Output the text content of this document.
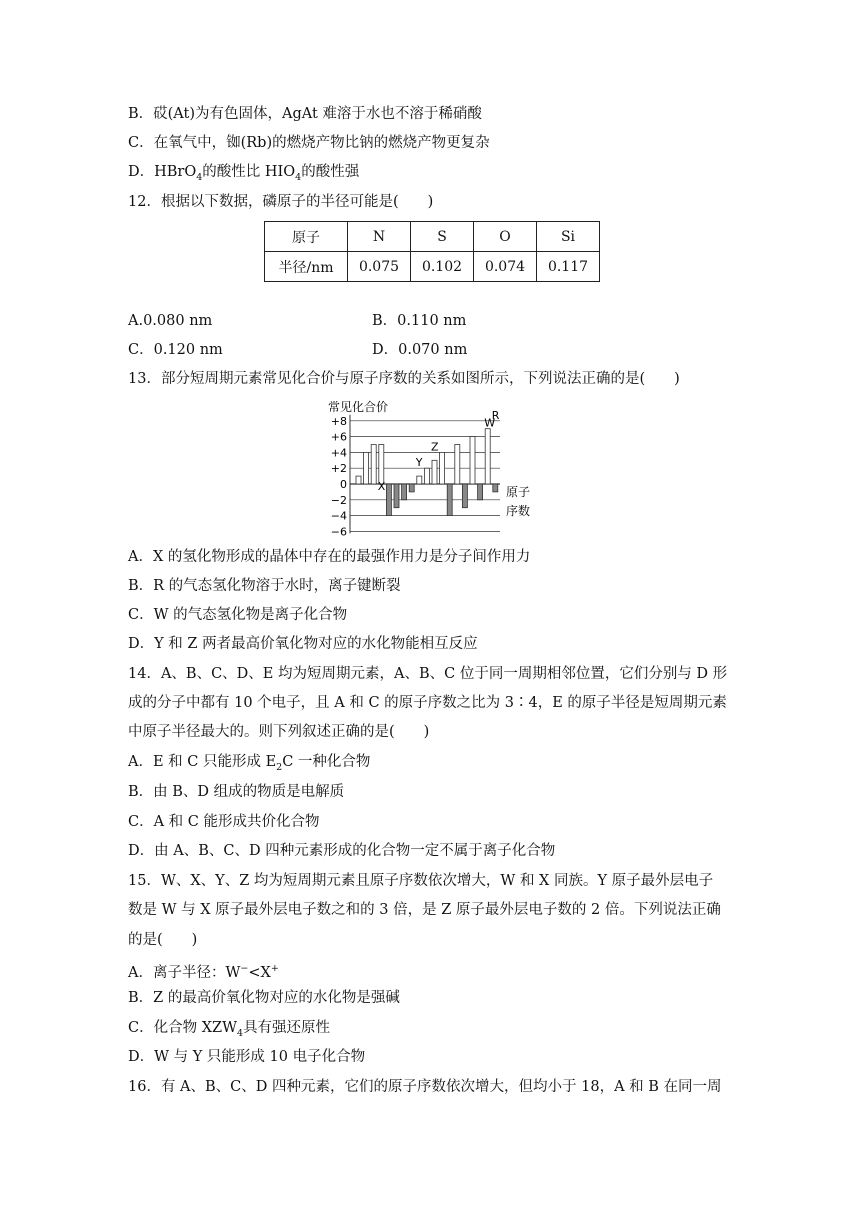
B．砹(At)为有色固体，AgAt 难溶于水也不溶于稀硝酸
C．在氧气中，铷(Rb)的燃烧产物比钠的燃烧产物更复杂
D．HBrO$_4$的酸性比 $HIO_4$的酸性强
12．根据以下数据，磷原子的半径可能是(　　)
原子	N	S	O	Si
半径/nm	0.075	0.102	0.074	0.117
A.0.080 nm	B．0.110 nm
C．0.120 nm	D．0.070 nm
13．部分短周期元素常见化合价与原子序数的关系如图所示，下列说法正确的是(　　)
常见化合价
+8
+6
+4
+2
0
−2
−4
−6
X
Y
Z
W
R
原子
序数
A．X 的氢化物形成的晶体中存在的最强作用力是分子间作用力
B．R 的气态氢化物溶于水时，离子键断裂
C．W 的气态氢化物是离子化合物
D．Y 和 Z 两者最高价氧化物对应的水化物能相互反应
14．A、B、C、D、E 均为短周期元素，A、B、C 位于同一周期相邻位置，它们分别与 D 形
成的分子中都有 10 个电子，且 A 和 C 的原子序数之比为 3∶4，E 的原子半径是短周期元素
中原子半径最大的。则下列叙述正确的是(　　)
A．E 和 C 只能形成 $E_2C$ 一种化合物
B．由 B、D 组成的物质是电解质
C．A 和 C 能形成共价化合物
D．由 A、B、C、D 四种元素形成的化合物一定不属于离子化合物
15．W、X、Y、Z 均为短周期元素且原子序数依次增大，W 和 X 同族。Y 原子最外层电子
数是 W 与 X 原子最外层电子数之和的 3 倍，是 Z 原子最外层电子数的 2 倍。下列说法正确
的是(　　)
A．离子半径：W−<X+
B．Z 的最高价氧化物对应的水化物是强碱
C．化合物 $XZW_4$具有强还原性
D．W 与 Y 只能形成 10 电子化合物
16．有 A、B、C、D 四种元素，它们的原子序数依次增大，但均小于 18，A 和 B 在同一周
